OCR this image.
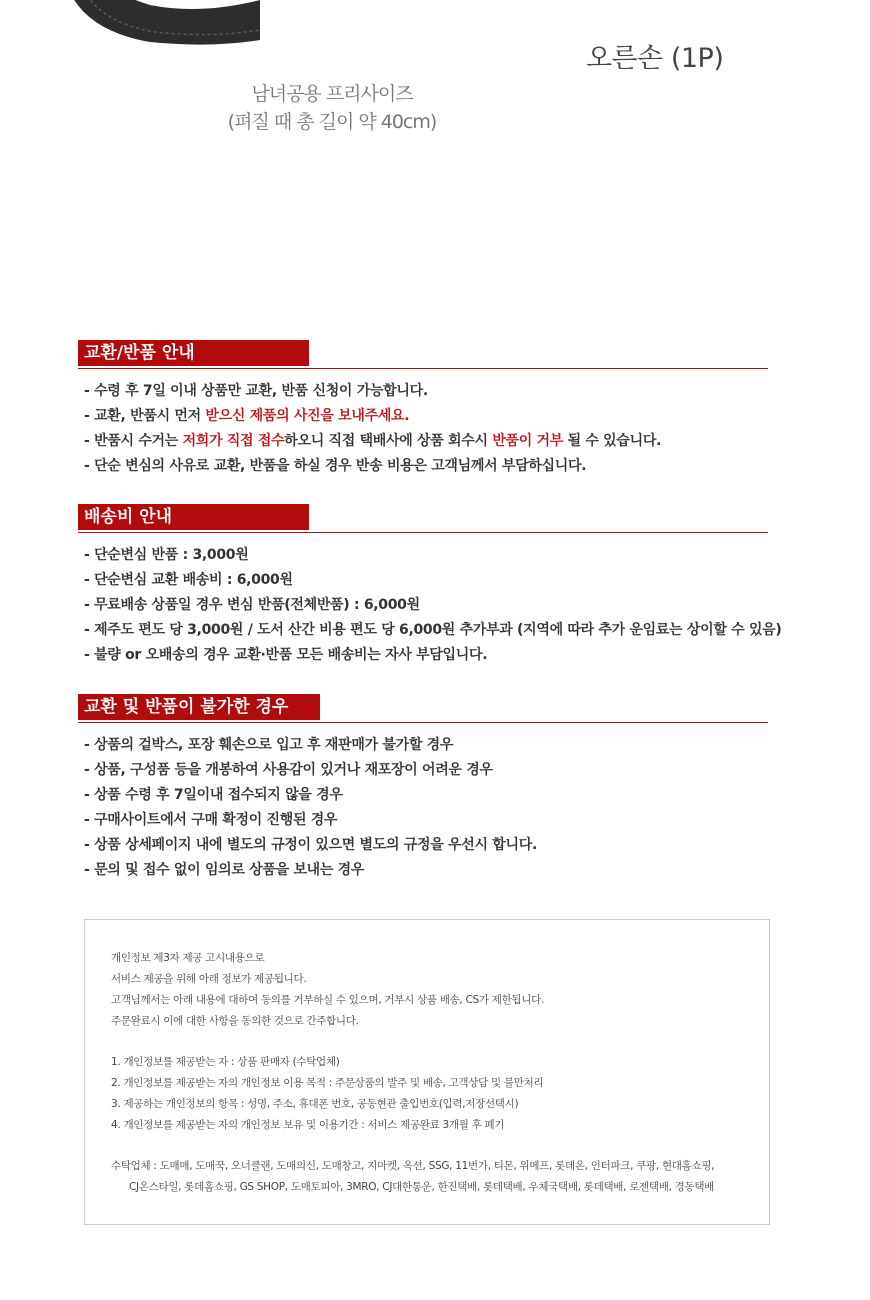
오른손 (1P)
남녀공용 프리사이즈
(펴질 때 총 길이 약 40cm)
교환/반품 안내
- 수령 후 7일 이내 상품만 교환, 반품 신청이 가능합니다.
- 교환, 반품시 먼저 받으신 제품의 사진을 보내주세요.
- 반품시 수거는 저희가 직접 접수하오니 직접 택배사에 상품 회수시 반품이 거부 될 수 있습니다.
- 단순 변심의 사유로 교환, 반품을 하실 경우 반송 비용은 고객님께서 부담하십니다.
배송비 안내
- 단순변심 반품 : 3,000원
- 단순변심 교환 배송비 : 6,000원
- 무료배송 상품일 경우 변심 반품(전체반품) : 6,000원
- 제주도 편도 당 3,000원 / 도서 산간 비용 편도 당 6,000원 추가부과 (지역에 따라 추가 운임료는 상이할 수 있음)
- 불량 or 오배송의 경우 교환·반품 모든 배송비는 자사 부담입니다.
교환 및 반품이 불가한 경우
- 상품의 겉박스, 포장 훼손으로 입고 후 재판매가 불가할 경우
- 상품, 구성품 등을 개봉하여 사용감이 있거나 재포장이 어려운 경우
- 상품 수령 후 7일이내 접수되지 않을 경우
- 구매사이트에서 구매 확정이 진행된 경우
- 상품 상세페이지 내에 별도의 규정이 있으면 별도의 규정을 우선시 합니다.
- 문의 및 접수 없이 임의로 상품을 보내는 경우
개인정보 제3자 제공 고시내용으로
서비스 제공을 위해 아래 정보가 제공됩니다.
고객님께서는 아래 내용에 대하여 동의를 거부하실 수 있으며, 거부시 상품 배송, CS가 제한됩니다.
주문완료시 이에 대한 사항을 동의한 것으로 간주합니다.
1. 개인정보를 제공받는 자 : 상품 판매자 (수탁업체)
2. 개인정보를 제공받는 자의 개인정보 이용 목적 : 주문상품의 발주 및 배송, 고객상담 및 불만처리
3. 제공하는 개인정보의 항목 : 성명, 주소, 휴대폰 번호, 공동현관 출입번호(입력,저장선택시)
4. 개인정보를 제공받는 자의 개인정보 보유 및 이용기간 : 서비스 제공완료 3개월 후 폐기
수탁업체 : 도매매, 도매꾹, 오너클랜, 도매의신, 도매창고, 지마켓, 옥션, SSG, 11번가, 티몬, 위메프, 롯데온, 인터파크, 쿠팡, 현대홈쇼핑,
CJ온스타일, 롯데홈쇼핑, GS SHOP, 도매토피아, 3MRO, CJ대한통운, 한진택배, 롯데택배, 우체국택배, 롯데택배, 로젠택배, 경동택배
